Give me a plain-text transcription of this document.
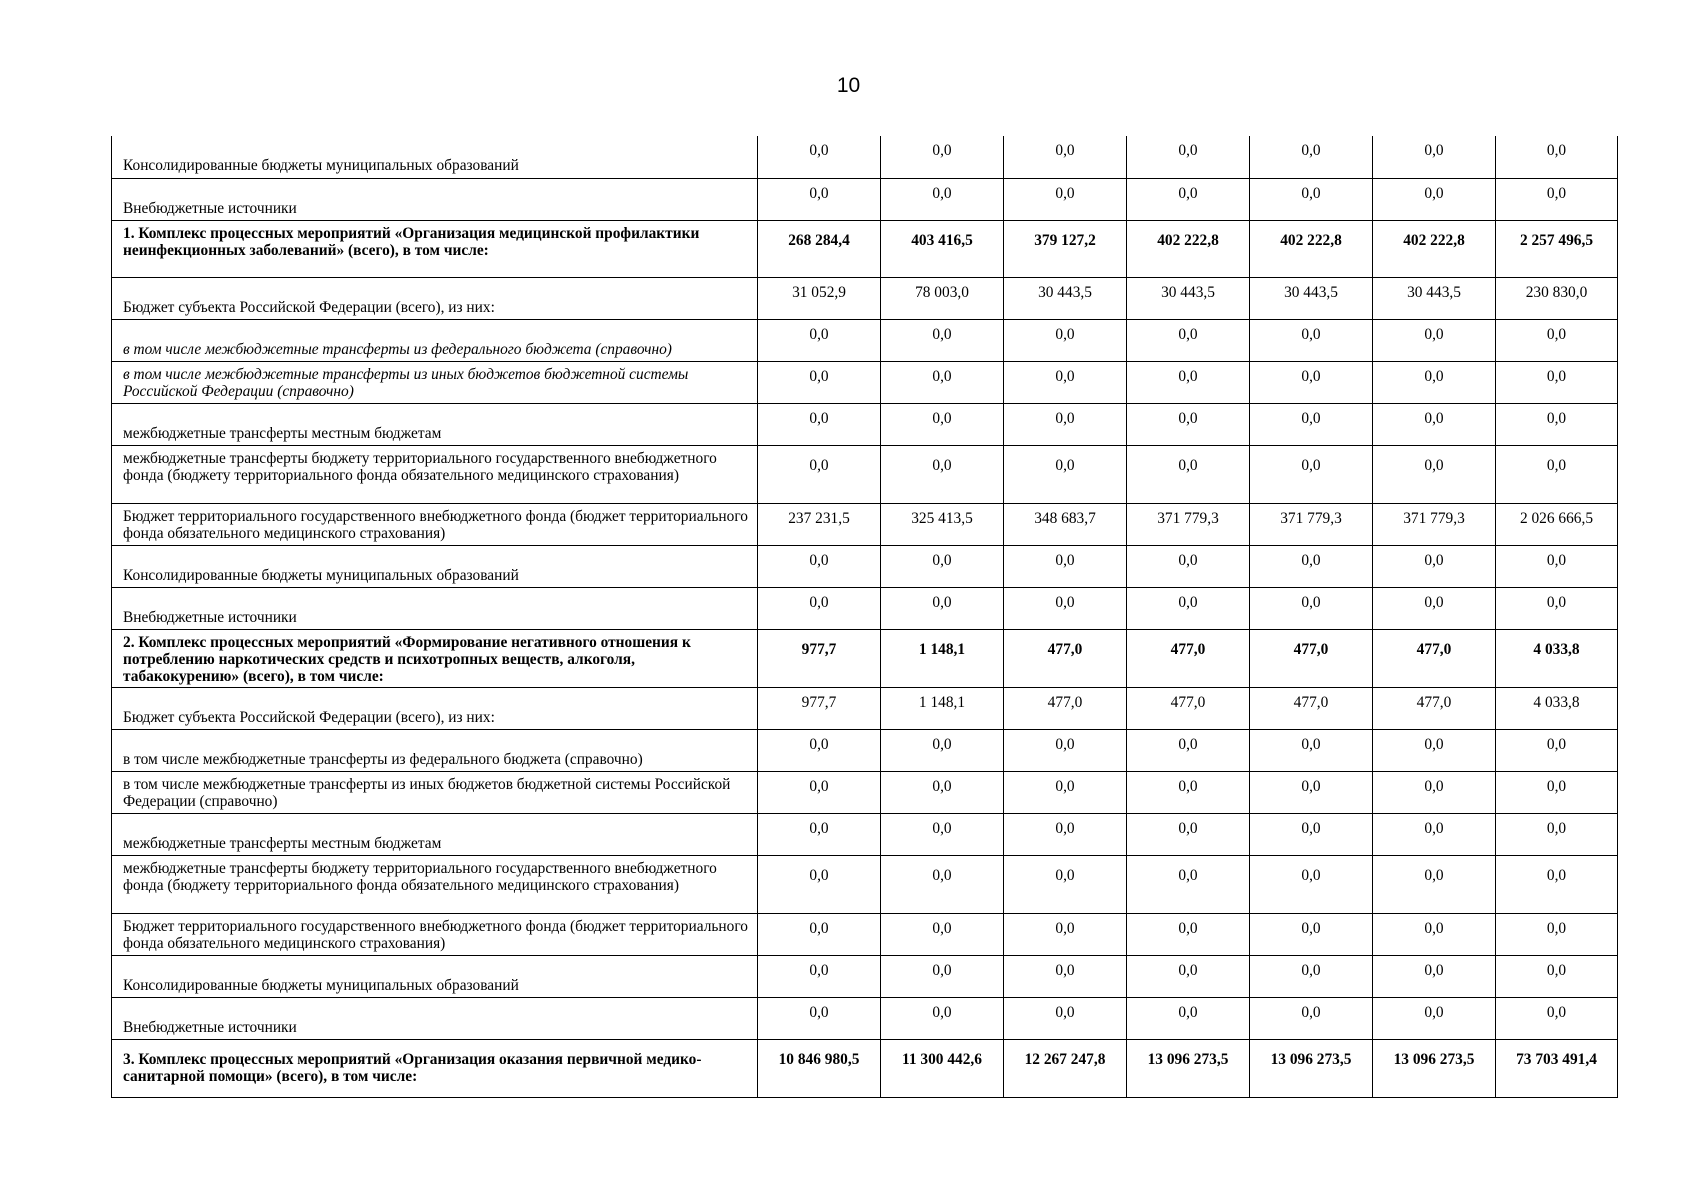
10
Консолидированные бюджеты муниципальных образований	0,0	0,0	0,0	0,0	0,0	0,0	0,0

Внебюджетные источники	0,0	0,0	0,0	0,0	0,0	0,0	0,0

1. Комплекс процессных мероприятий «Организация медицинской профилактики неинфекционных заболеваний» (всего), в том числе:	268 284,4	403 416,5	379 127,2	402 222,8	402 222,8	402 222,8	2 257 496,5

Бюджет субъекта Российской Федерации (всего), из них:	31 052,9	78 003,0	30 443,5	30 443,5	30 443,5	30 443,5	230 830,0

в том числе межбюджетные трансферты из федерального бюджета (справочно)	0,0	0,0	0,0	0,0	0,0	0,0	0,0

в том числе межбюджетные трансферты из иных бюджетов бюджетной системы Российской Федерации (справочно)	0,0	0,0	0,0	0,0	0,0	0,0	0,0

межбюджетные трансферты местным бюджетам	0,0	0,0	0,0	0,0	0,0	0,0	0,0

межбюджетные трансферты бюджету территориального государственного внебюджетного фонда (бюджету территориального фонда обязательного медицинского страхования)	0,0	0,0	0,0	0,0	0,0	0,0	0,0

Бюджет территориального государственного внебюджетного фонда (бюджет территориального фонда обязательного медицинского страхования)	237 231,5	325 413,5	348 683,7	371 779,3	371 779,3	371 779,3	2 026 666,5

Консолидированные бюджеты муниципальных образований	0,0	0,0	0,0	0,0	0,0	0,0	0,0

Внебюджетные источники	0,0	0,0	0,0	0,0	0,0	0,0	0,0

2. Комплекс процессных мероприятий «Формирование негативного отношения к потреблению наркотических средств и психотропных веществ, алкоголя, табакокурению» (всего), в том числе:	977,7	1 148,1	477,0	477,0	477,0	477,0	4 033,8

Бюджет субъекта Российской Федерации (всего), из них:	977,7	1 148,1	477,0	477,0	477,0	477,0	4 033,8

в том числе межбюджетные трансферты из федерального бюджета (справочно)	0,0	0,0	0,0	0,0	0,0	0,0	0,0

в том числе межбюджетные трансферты из иных бюджетов бюджетной системы Российской Федерации (справочно)	0,0	0,0	0,0	0,0	0,0	0,0	0,0

межбюджетные трансферты местным бюджетам	0,0	0,0	0,0	0,0	0,0	0,0	0,0

межбюджетные трансферты бюджету территориального государственного внебюджетного фонда (бюджету территориального фонда обязательного медицинского страхования)	0,0	0,0	0,0	0,0	0,0	0,0	0,0

Бюджет территориального государственного внебюджетного фонда (бюджет территориального фонда обязательного медицинского страхования)	0,0	0,0	0,0	0,0	0,0	0,0	0,0

Консолидированные бюджеты муниципальных образований	0,0	0,0	0,0	0,0	0,0	0,0	0,0

Внебюджетные источники	0,0	0,0	0,0	0,0	0,0	0,0	0,0

3. Комплекс процессных мероприятий «Организация оказания первичной медико-санитарной помощи» (всего), в том числе:	10 846 980,5	11 300 442,6	12 267 247,8	13 096 273,5	13 096 273,5	13 096 273,5	73 703 491,4
